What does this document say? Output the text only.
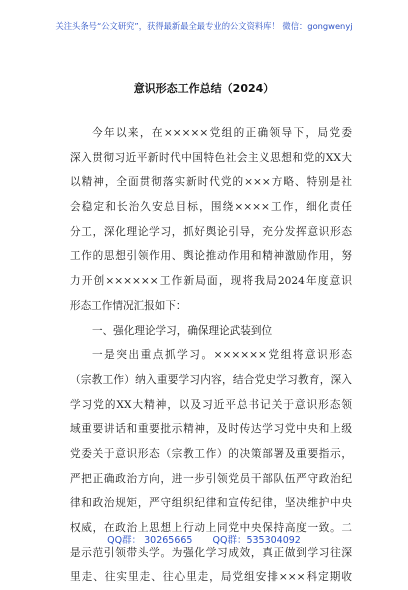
关注头条号“公文研究”，获得最新最全最专业的公文资料库！ 微信：gongwenyj
意识形态工作总结（2024）
今年以来，在×××××党组的正确领导下，局党委
深入贯彻习近平新时代中国特色社会主义思想和党的XX大
以精神，全面贯彻落实新时代党的×××方略、特别是社
会稳定和长治久安总目标，围绕××××工作，细化责任
分工，深化理论学习，抓好舆论引导，充分发挥意识形态
工作的思想引领作用、舆论推动作用和精神激励作用，努
力开创××××××工作新局面，现将我局2024年度意识
形态工作情况汇报如下：
一、强化理论学习，确保理论武装到位
一是突出重点抓学习。××××××党组将意识形态
（宗教工作）纳入重要学习内容，结合党史学习教育，深入
学习党的XX大精神，以及习近平总书记关于意识形态领
域重要讲话和重要批示精神，及时传达学习党中央和上级
党委关于意识形态（宗教工作）的决策部署及重要指示，
严把正确政治方向，进一步引领党员干部队伍严守政治纪
律和政治规矩，严守组织纪律和宣传纪律，坚决维护中央
权威，在政治上思想上行动上同党中央保持高度一致。二
是示范引领带头学。为强化学习成效，真正做到学习往深
里走、往实里走、往心里走，局党组安排×××科定期收
QQ群： 30265665 QQ群：535304092
